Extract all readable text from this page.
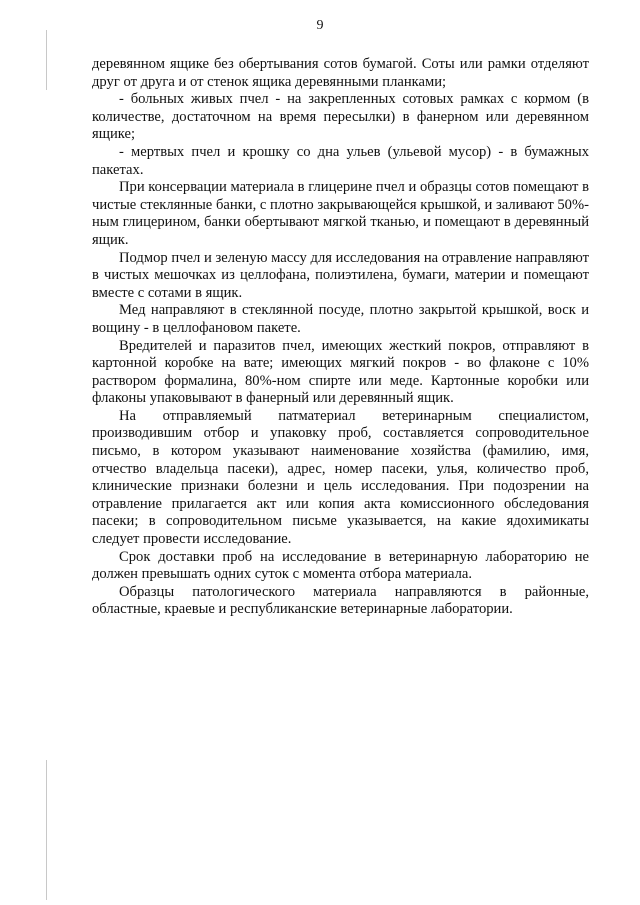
9

деревянном ящике без обертывания сотов бумагой. Соты или рамки отделяют друг от друга и от стенок ящика деревянными планками;

- больных живых пчел - на закрепленных сотовых рамках с кормом (в количестве, достаточном на время пересылки) в фанерном или деревянном ящике;

- мертвых пчел и крошку со дна ульев (ульевой мусор) - в бумажных пакетах.

При консервации материала в глицерине пчел и образцы сотов помещают в чистые стеклянные банки, с плотно закрывающейся крышкой, и заливают 50%-ным глицерином, банки обертывают мягкой тканью, и помещают в деревянный ящик.

Подмор пчел и зеленую массу для исследования на отравление направляют в чистых мешочках из целлофана, полиэтилена, бумаги, материи и помещают вместе с сотами в ящик.

Мед направляют в стеклянной посуде, плотно закрытой крышкой, воск и вощину - в целлофановом пакете.

Вредителей и паразитов пчел, имеющих жесткий покров, отправляют в картонной коробке на вате; имеющих мягкий покров - во флаконе с 10% раствором формалина, 80%-ном спирте или меде. Картонные коробки или флаконы упаковывают в фанерный или деревянный ящик.

На отправляемый патматериал ветеринарным специалистом, производившим отбор и упаковку проб, составляется сопроводительное письмо, в котором указывают наименование хозяйства (фамилию, имя, отчество владельца пасеки), адрес, номер пасеки, улья, количество проб, клинические признаки болезни и цель исследования. При подозрении на отравление прилагается акт или копия акта комиссионного обследования пасеки; в сопроводительном письме указывается, на какие ядохимикаты следует провести исследование.

Срок доставки проб на исследование в ветеринарную лабораторию не должен превышать одних суток с момента отбора материала.

Образцы патологического материала направляются в районные, областные, краевые и республиканские ветеринарные лаборатории.
